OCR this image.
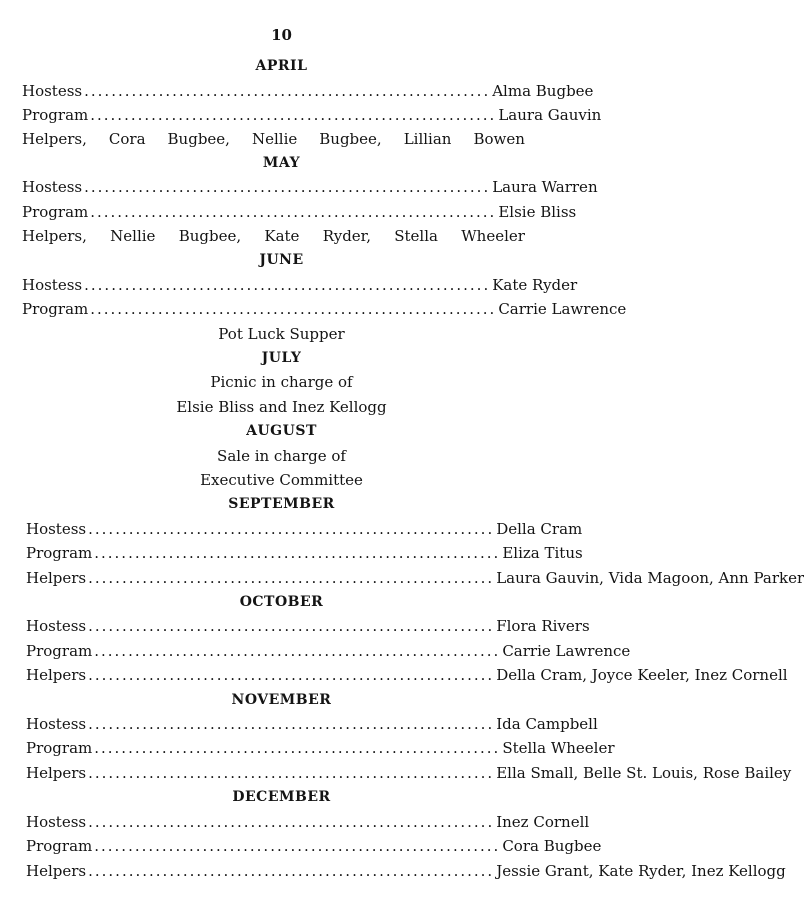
10
APRIL
Hostess ............................................................ Alma Bugbee
Program ............................................................ Laura Gauvin
Helpers, Cora Bugbee, Nellie Bugbee, Lillian Bowen
MAY
Hostess ............................................................ Laura Warren
Program ............................................................ Elsie Bliss
Helpers, Nellie Bugbee, Kate Ryder, Stella Wheeler
JUNE
Hostess ............................................................ Kate Ryder
Program ............................................................ Carrie Lawrence
Pot Luck Supper
JULY
Picnic in charge of
Elsie Bliss and Inez Kellogg
AUGUST
Sale in charge of
Executive Committee
SEPTEMBER
Hostess ............................................................ Della Cram
Program ............................................................ Eliza Titus
Helpers ............................................................ Laura Gauvin, Vida Magoon, Ann Parker
OCTOBER
Hostess ............................................................ Flora Rivers
Program ............................................................ Carrie Lawrence
Helpers ............................................................ Della Cram, Joyce Keeler, Inez Cornell
NOVEMBER
Hostess ............................................................ Ida Campbell
Program ............................................................ Stella Wheeler
Helpers ............................................................ Ella Small, Belle St. Louis, Rose Bailey
DECEMBER
Hostess ............................................................ Inez Cornell
Program ............................................................ Cora Bugbee
Helpers ............................................................ Jessie Grant, Kate Ryder, Inez Kellogg
